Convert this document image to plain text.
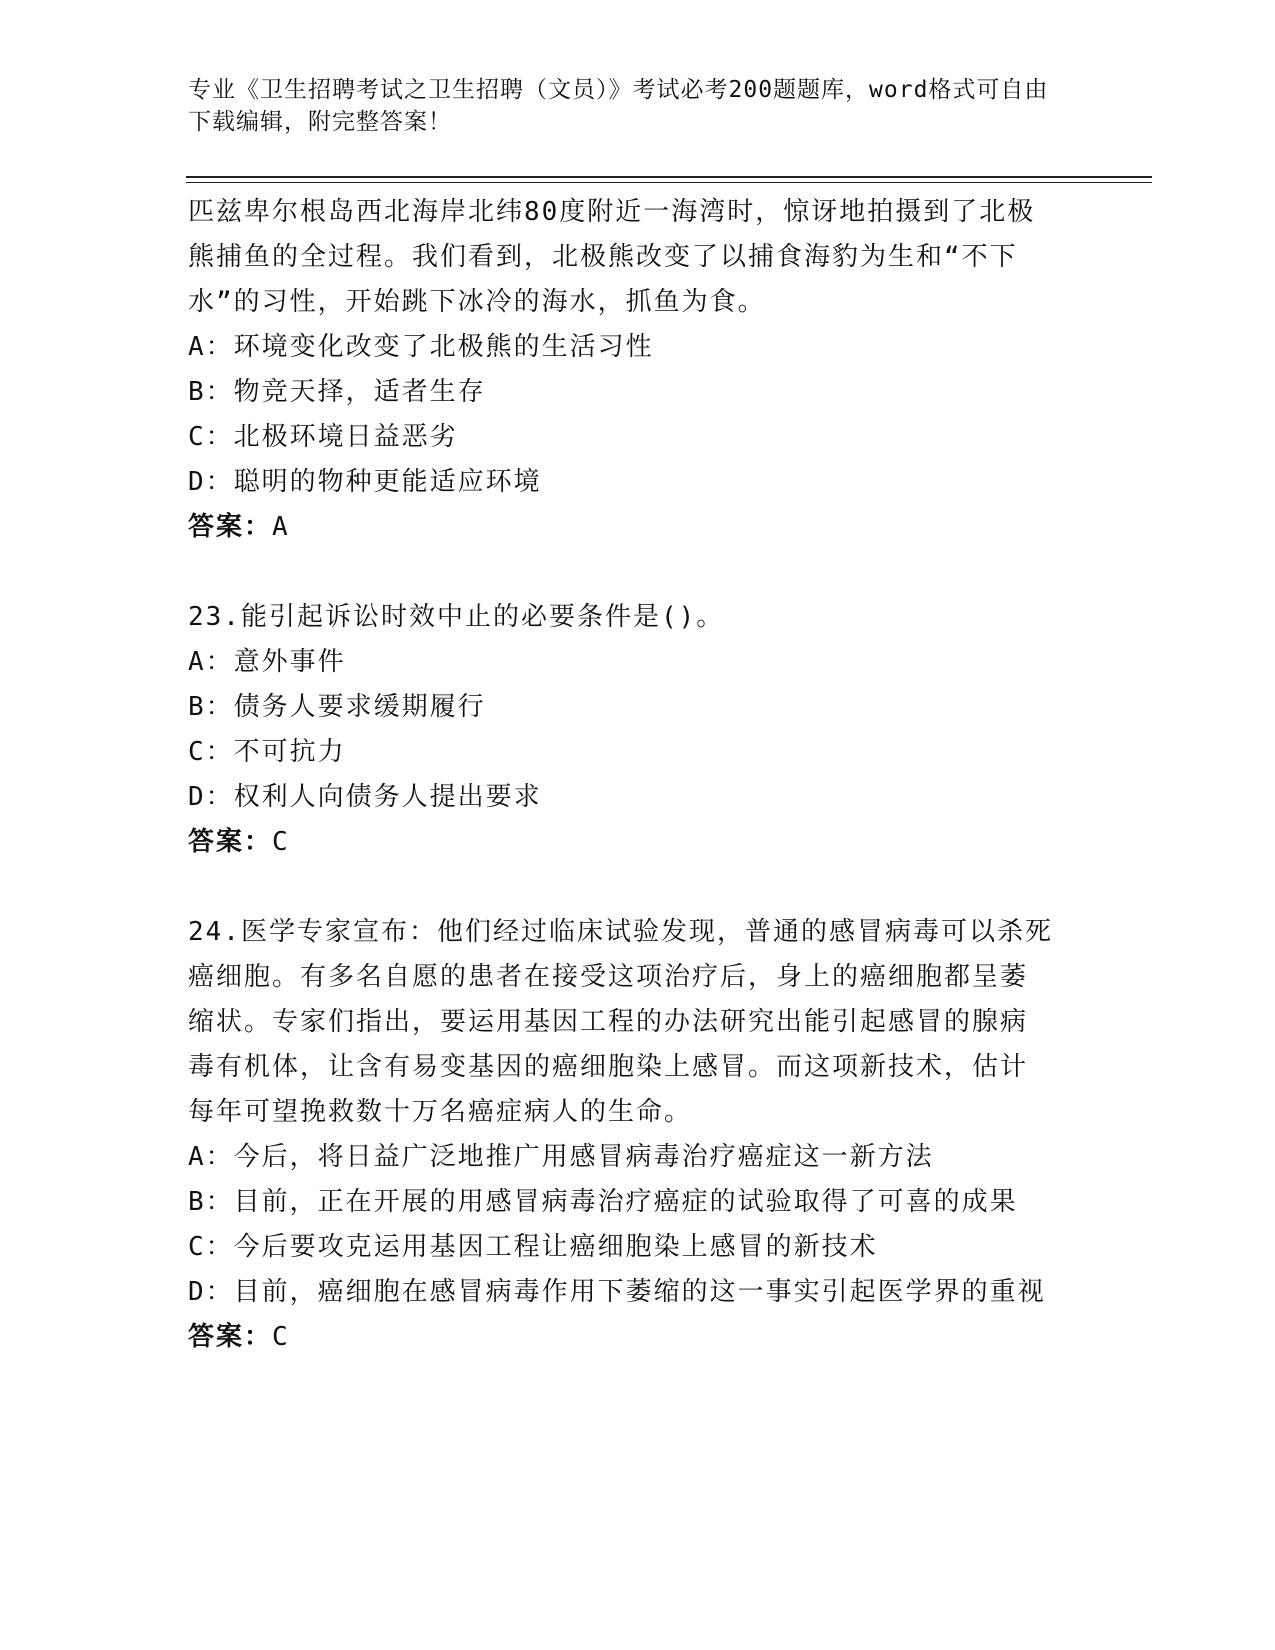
专业《卫生招聘考试之卫生招聘（文员）》考试必考200题题库，word格式可自由下载编辑，附完整答案！

匹兹卑尔根岛西北海岸北纬80度附近一海湾时，惊讶地拍摄到了北极

熊捕鱼的全过程。我们看到，北极熊改变了以捕食海豹为生和“不下

水”的习性，开始跳下冰冷的海水，抓鱼为食。

A：环境变化改变了北极熊的生活习性

B：物竞天择，适者生存

C：北极环境日益恶劣

D：聪明的物种更能适应环境

答案：A

23.能引起诉讼时效中止的必要条件是()。

A：意外事件

B：债务人要求缓期履行

C：不可抗力

D：权利人向债务人提出要求

答案：C

24.医学专家宣布：他们经过临床试验发现，普通的感冒病毒可以杀死

癌细胞。有多名自愿的患者在接受这项治疗后，身上的癌细胞都呈萎

缩状。专家们指出，要运用基因工程的办法研究出能引起感冒的腺病

毒有机体，让含有易变基因的癌细胞染上感冒。而这项新技术，估计

每年可望挽救数十万名癌症病人的生命。

A：今后，将日益广泛地推广用感冒病毒治疗癌症这一新方法

B：目前，正在开展的用感冒病毒治疗癌症的试验取得了可喜的成果

C：今后要攻克运用基因工程让癌细胞染上感冒的新技术

D：目前，癌细胞在感冒病毒作用下萎缩的这一事实引起医学界的重视

答案：C
